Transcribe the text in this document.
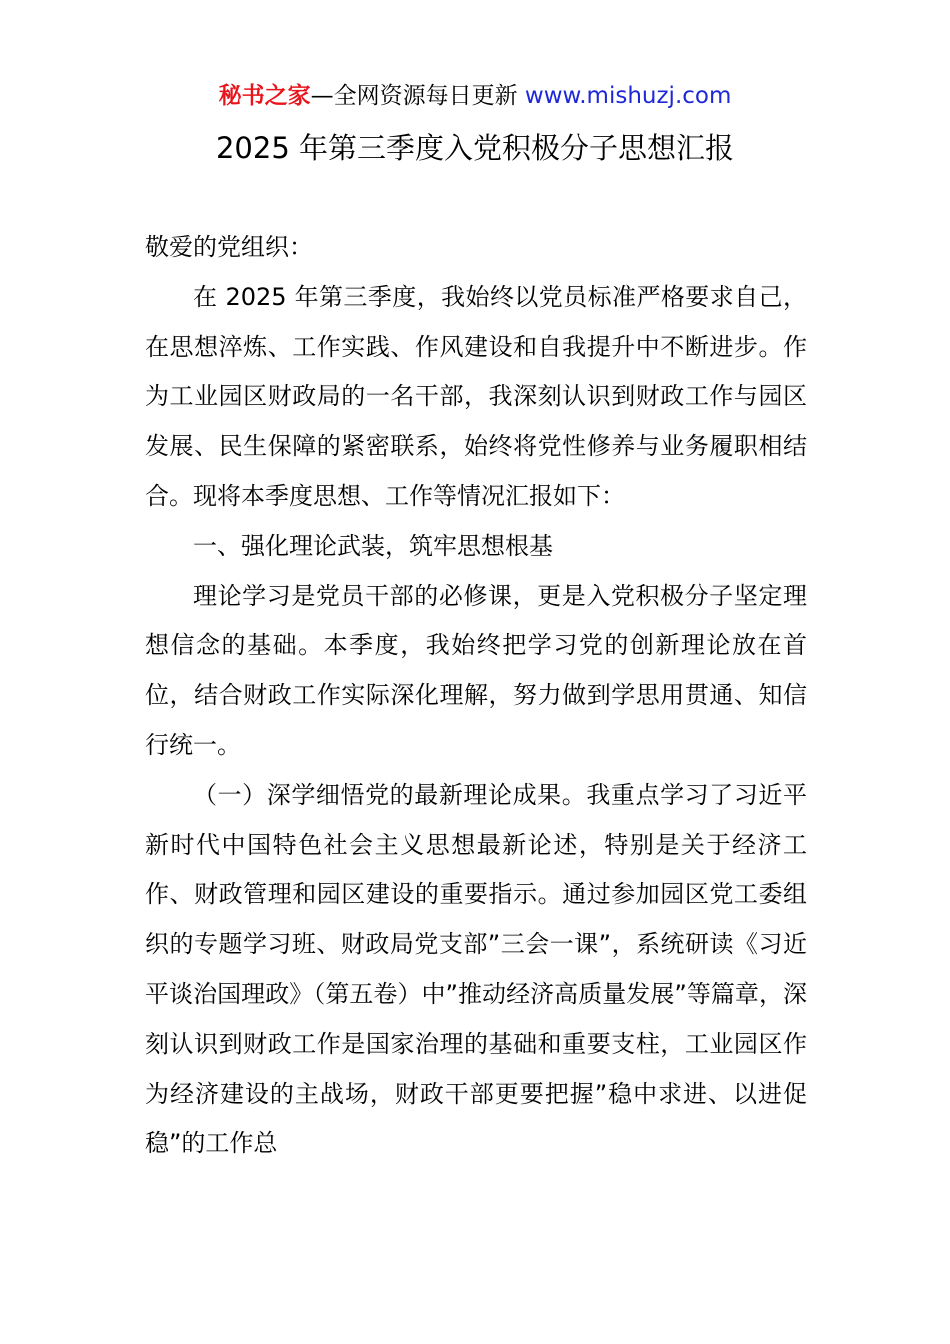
秘书之家—全网资源每日更新 www.mishuzj.com
2025 年第三季度入党积极分子思想汇报

敬爱的党组织：

在 2025 年第三季度，我始终以党员标准严格要求自己，在思想淬炼、工作实践、作风建设和自我提升中不断进步。作为工业园区财政局的一名干部，我深刻认识到财政工作与园区发展、民生保障的紧密联系，始终将党性修养与业务履职相结合。现将本季度思想、工作等情况汇报如下：

一、强化理论武装，筑牢思想根基

理论学习是党员干部的必修课，更是入党积极分子坚定理想信念的基础。本季度，我始终把学习党的创新理论放在首位，结合财政工作实际深化理解，努力做到学思用贯通、知信行统一。

（一）深学细悟党的最新理论成果。我重点学习了习近平新时代中国特色社会主义思想最新论述，特别是关于经济工作、财政管理和园区建设的重要指示。通过参加园区党工委组织的专题学习班、财政局党支部”三会一课”，系统研读《习近平谈治国理政》（第五卷）中”推动经济高质量发展”等篇章，深刻认识到财政工作是国家治理的基础和重要支柱，工业园区作为经济建设的主战场，财政干部更要把握”稳中求进、以进促稳”的工作总
